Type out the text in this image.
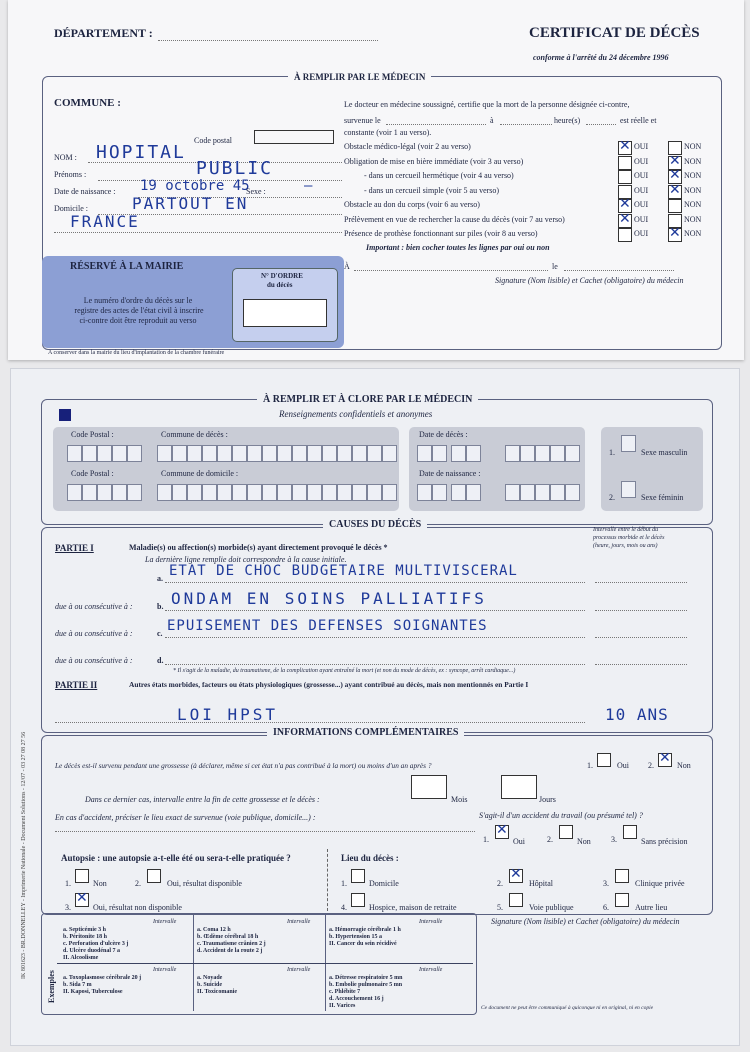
DÉPARTEMENT :	CERTIFICAT DE DÉCÈS
conforme à l'arrêté du 24 décembre 1996
À REMPLIR PAR LE MÉDECIN
COMMUNE :
Code postal
NOM : HOPITAL
Prénoms :	PUBLIC
Date de naissance : 19 octobre 45
Sexe :	—
Domicile :	PARTOUT EN
FRANCE
Le docteur en médecine soussigné, certifie que la mort de la personne désignée ci-contre,
survenue le	à	heure(s)	est réelle et
constante (voir 1 au verso).
Important : bien cocher toutes les lignes par oui ou non
À	le
Signature (Nom lisible) et Cachet (obligatoire) du médecin
RÉSERVÉ À LA MAIRIE
Le numéro d'ordre du décès sur le
registre des actes de l'état civil à inscrire
ci-contre doit être reproduit au verso
N° D'ORDRE
du décès
A conserver dans la mairie du lieu d'implantation de la chambre funéraire
Obstacle médico-légal (voir 2 au verso) ✕	OUI	NON
Obligation de mise en bière immédiate (voir 3 au verso)	OUI ✕	NON
- dans un cercueil hermétique (voir 4 au verso)	OUI ✕	NON
- dans un cercueil simple (voir 5 au verso)	OUI ✕	NON
Obstacle au don du corps (voir 6 au verso) ✕	OUI	NON
Prélèvement en vue de rechercher la cause du décès (voir 7 au verso) ✕	OUI	NON
Présence de prothèse fonctionnant sur piles (voir 8 au verso)	OUI ✕	NON
IK 801623 - BR.DONNELLEY - Imprimerie Nationale - Document Solutions - 12/07 - 03 27 08 27 56
À REMPLIR ET À CLORE PAR LE MÉDECIN
Renseignements confidentiels et anonymes
Code Postal :	Commune de décès :
Code Postal :	Commune de domicile :
Date de décès :
Date de naissance :
1.	Sexe masculin
2.	Sexe féminin
CAUSES DU DÉCÈS
PARTIE I	Maladie(s) ou affection(s) morbide(s) ayant directement provoqué le décès *
La dernière ligne remplie doit correspondre à la cause initiale.
Intervalle entre le début du
processus morbide et le décès
(heure, jours, mois ou ans)
a. ETAT DE CHOC BUDGETAIRE MULTIVISCERAL
due à ou consécutive à :	b. ONDAM EN SOINS PALLIATIFS
due à ou consécutive à :	c. EPUISEMENT DES DEFENSES SOIGNANTES
due à ou consécutive à :	d.
* Il s'agit de la maladie, du traumatisme, de la complication ayant entraîné la mort (et non du mode de décès, ex : syncope, arrêt cardiaque...)
PARTIE II	Autres états morbides, facteurs ou états physiologiques (grossesse...) ayant contribué au décès, mais non mentionnés en Partie I
LOI HPST	10 ANS
INFORMATIONS COMPLÉMENTAIRES
Le décès est-il survenu pendant une grossesse (à déclarer, même si cet état n'a pas contribué à la mort) ou moins d'un an après ?	1.	Oui 2. ✕	Non
Dans ce dernier cas, intervalle entre la fin de cette grossesse et le décès :	Mois	Jours
En cas d'accident, préciser le lieu exact de survenue (voie publique, domicile...) :	S'agit-il d'un accident du travail (ou présumé tel) ?
1.
✕	Oui	2.	Non	3.	Sans précision
Autopsie : une autopsie a-t-elle été ou sera-t-elle pratiquée ?
1.	Non	2.	Oui, résultat disponible
3.
✕	Oui, résultat non disponible
Lieu du décès :
1.	Domicile
4.	Hospice, maison de retraite
2.
✕	Hôpital
5.	Voie publique
3.	Clinique privée
6.	Autre lieu
Exemples
Signature (Nom lisible) et Cachet (obligatoire) du médecin
Ce document ne peut être communiqué à quiconque ni en original, ni en copie
Intervalle
a. Septicémie 3 h
b. Péritonite 18 h
c. Perforation d'ulcère 3 j
d. Ulcère duodénal 7 a
II. Alcoolisme
Intervalle
a. Coma 12 h
b. Œdème cérébral 18 h
c. Traumatisme crânien 2 j
d. Accident de la route 2 j
Intervalle
a. Hémorragie cérébrale 1 h
b. Hypertension 15 a
II. Cancer du sein récidivé
Intervalle
a. Toxoplasmose cérébrale 20 j
b. Sida 7 m
II. Kaposi, Tuberculose
Intervalle
a. Noyade
b. Suicide
II. Toxicomanie
Intervalle
a. Détresse respiratoire 5 mn
b. Embolie pulmonaire 5 mn
c. Phlébite 7
d. Accouchement 16 j
II. Varices
